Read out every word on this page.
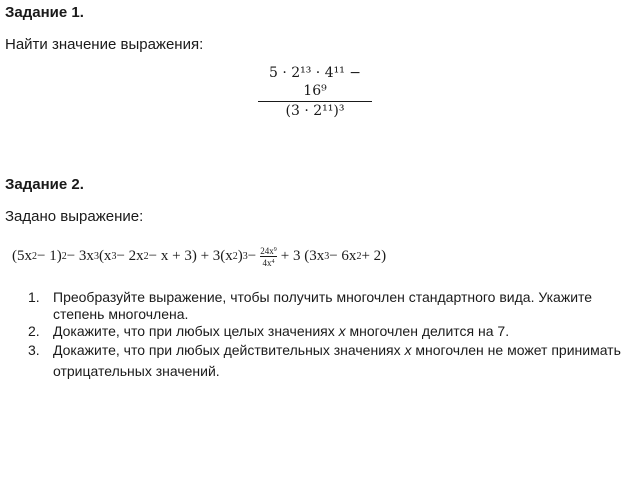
Задание 1.
Найти значение выражения:
5 · 2¹³ · 4¹¹ − 16⁹
(3 · 2¹¹)³
Задание 2.
Задано выражение:
(5x 2 − 1) 2 − 3x 3 (x 3 − 2x 2 − x + 3) + 3(x 2 ) $3 - 24x^9$
$4x^4 + 3$ (3x 3 − 6x 2 + 2)
1. Преобразуйте выражение, чтобы получить многочлен стандартного вида. Укажите степень многочлена.
2. Докажите, что при любых целых значениях x многочлен делится на 7.
3. Докажите, что при любых действительных значениях x многочлен не может принимать отрицательных значений.
